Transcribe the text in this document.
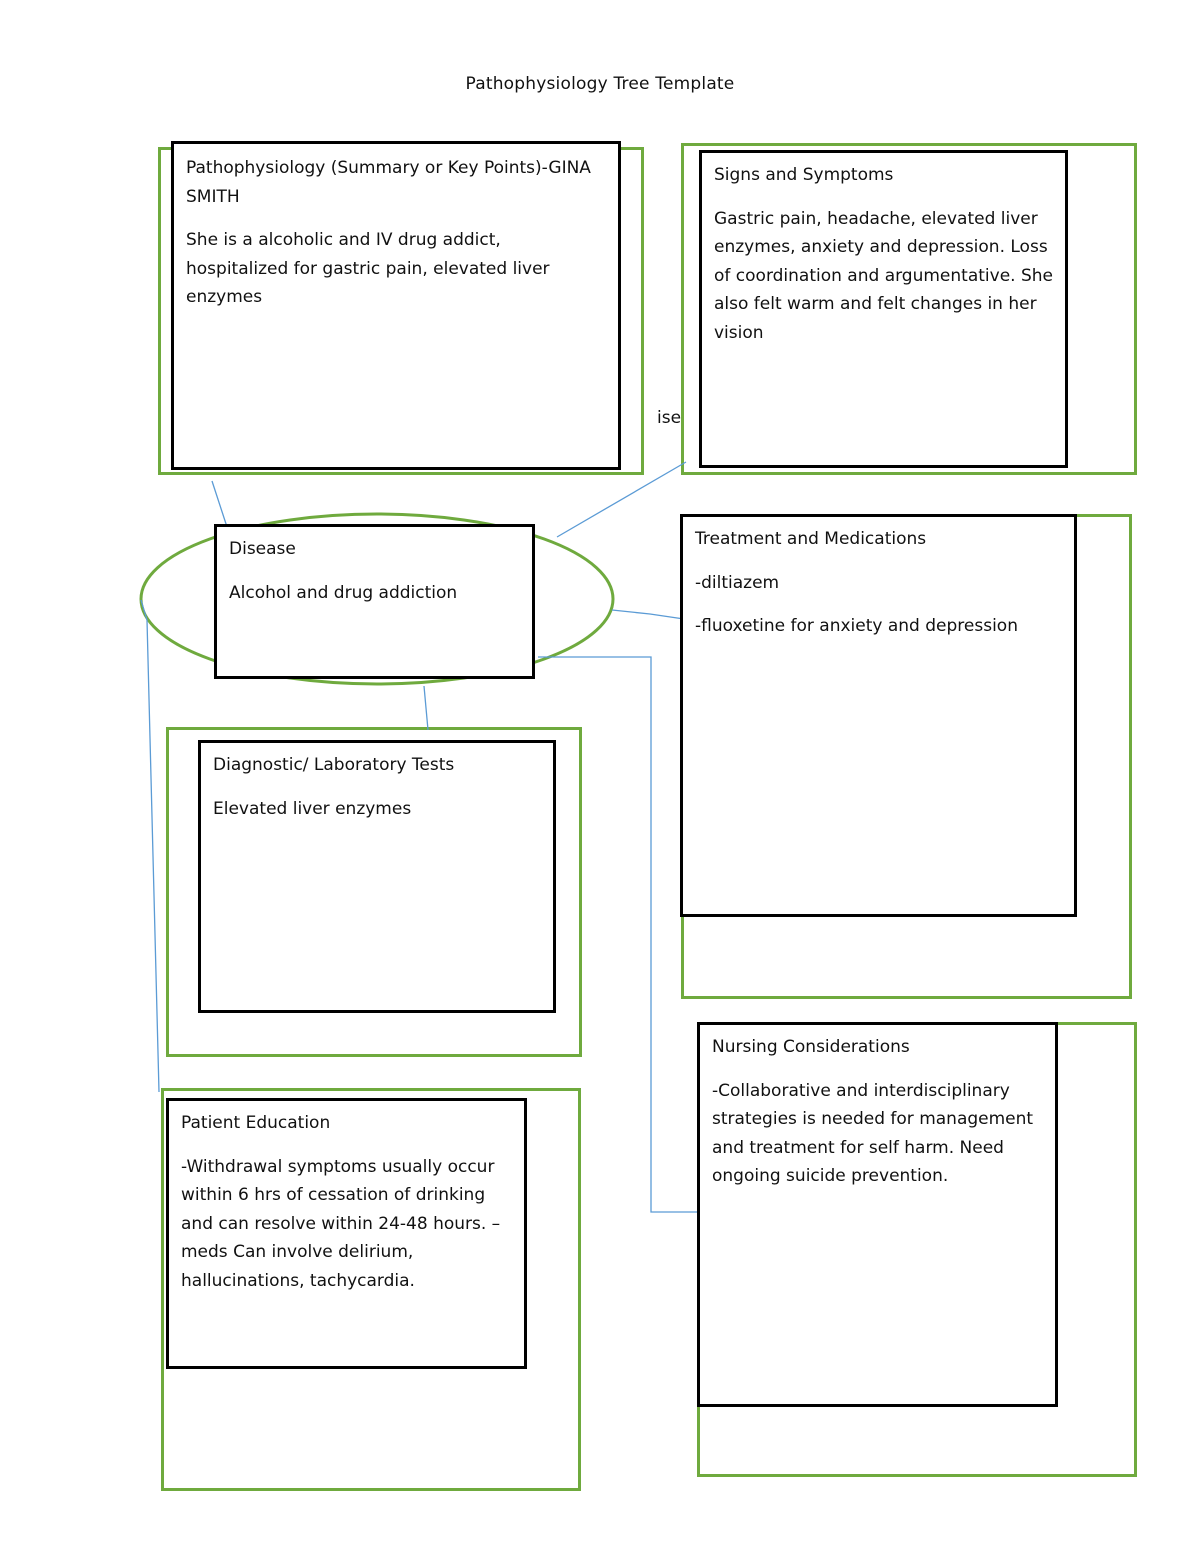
Pathophysiology Tree Template
ise

Pathophysiology (Summary or Key Points)-GINA SMITH

She is a alcoholic and IV drug addict, hospitalized for gastric pain, elevated liver enzymes

Signs and Symptoms

Gastric pain, headache, elevated liver enzymes, anxiety and depression. Loss of coordination and argumentative. She also felt warm and felt changes in her vision

Disease

Alcohol and drug addiction

Treatment and Medications

-diltiazem

-fluoxetine for anxiety and depression

Diagnostic/ Laboratory Tests

Elevated liver enzymes

Nursing Considerations

-Collaborative and interdisciplinary strategies is needed for management and treatment for self harm. Need ongoing suicide prevention.

Patient Education

-Withdrawal symptoms usually occur within 6 hrs of cessation of drinking and can resolve within 24-48 hours. –meds Can involve delirium, hallucinations, tachycardia.
